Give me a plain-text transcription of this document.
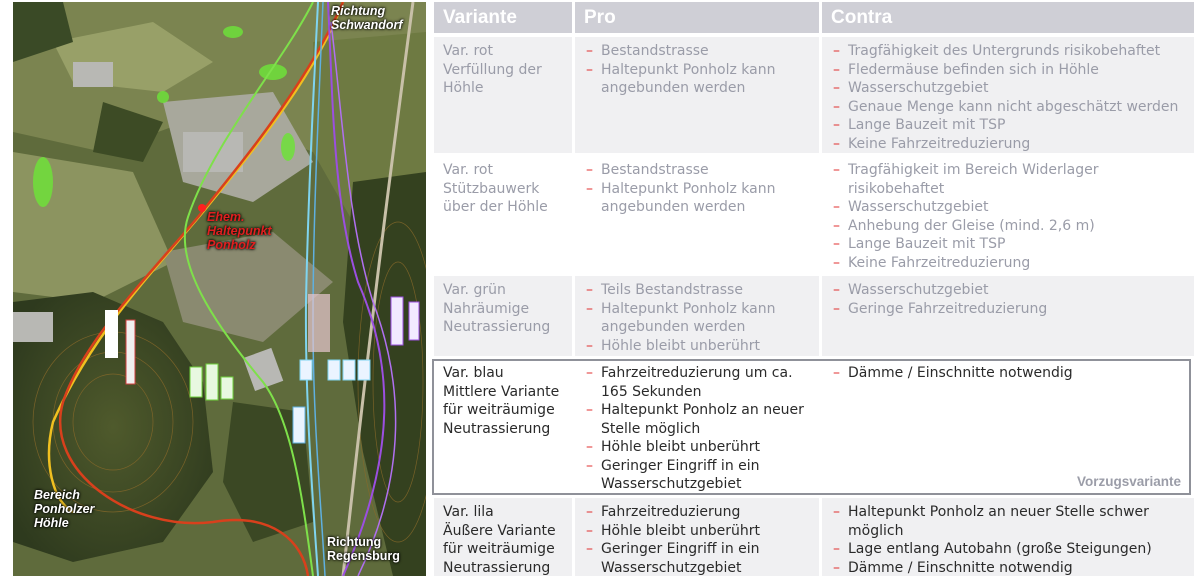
Richtung
Schwandorf
Ehem.
Haltepunkt
Ponholz
Bereich
Ponholzer
Höhle
Richtung
Regensburg
Variante	Pro	Contra
Var. rot
Verfüllung der
Höhle
– Bestandstrasse
– Haltepunkt Ponholz kann angebunden werden
– Tragfähigkeit des Untergrunds risikobehaftet
– Fledermäuse befinden sich in Höhle
– Wasserschutzgebiet
– Genaue Menge kann nicht abgeschätzt werden
– Lange Bauzeit mit TSP
– Keine Fahrzeitreduzierung
Var. rot
Stützbauwerk
über der Höhle
– Bestandstrasse
– Haltepunkt Ponholz kann angebunden werden
– Tragfähigkeit im Bereich Widerlager risikobehaftet
– Wasserschutzgebiet
– Anhebung der Gleise (mind. 2,6 m)
– Lange Bauzeit mit TSP
– Keine Fahrzeitreduzierung
Var. grün
Nahräumige
Neutrassierung
– Teils Bestandstrasse
– Haltepunkt Ponholz kann angebunden werden
– Höhle bleibt unberührt
– Wasserschutzgebiet
– Geringe Fahrzeitreduzierung
Var. blau
Mittlere Variante
für weiträumige
Neutrassierung
– Fahrzeitreduzierung um ca. 165 Sekunden
– Haltepunkt Ponholz an neuer Stelle möglich
– Höhle bleibt unberührt
– Geringer Eingriff in ein Wasserschutzgebiet
– Dämme / Einschnitte notwendig
Vorzugsvariante
Var. lila
Äußere Variante
für weiträumige
Neutrassierung
– Fahrzeitreduzierung
– Höhle bleibt unberührt
– Geringer Eingriff in ein Wasserschutzgebiet
– Haltepunkt Ponholz an neuer Stelle schwer möglich
– Lage entlang Autobahn (große Steigungen)
– Dämme / Einschnitte notwendig
